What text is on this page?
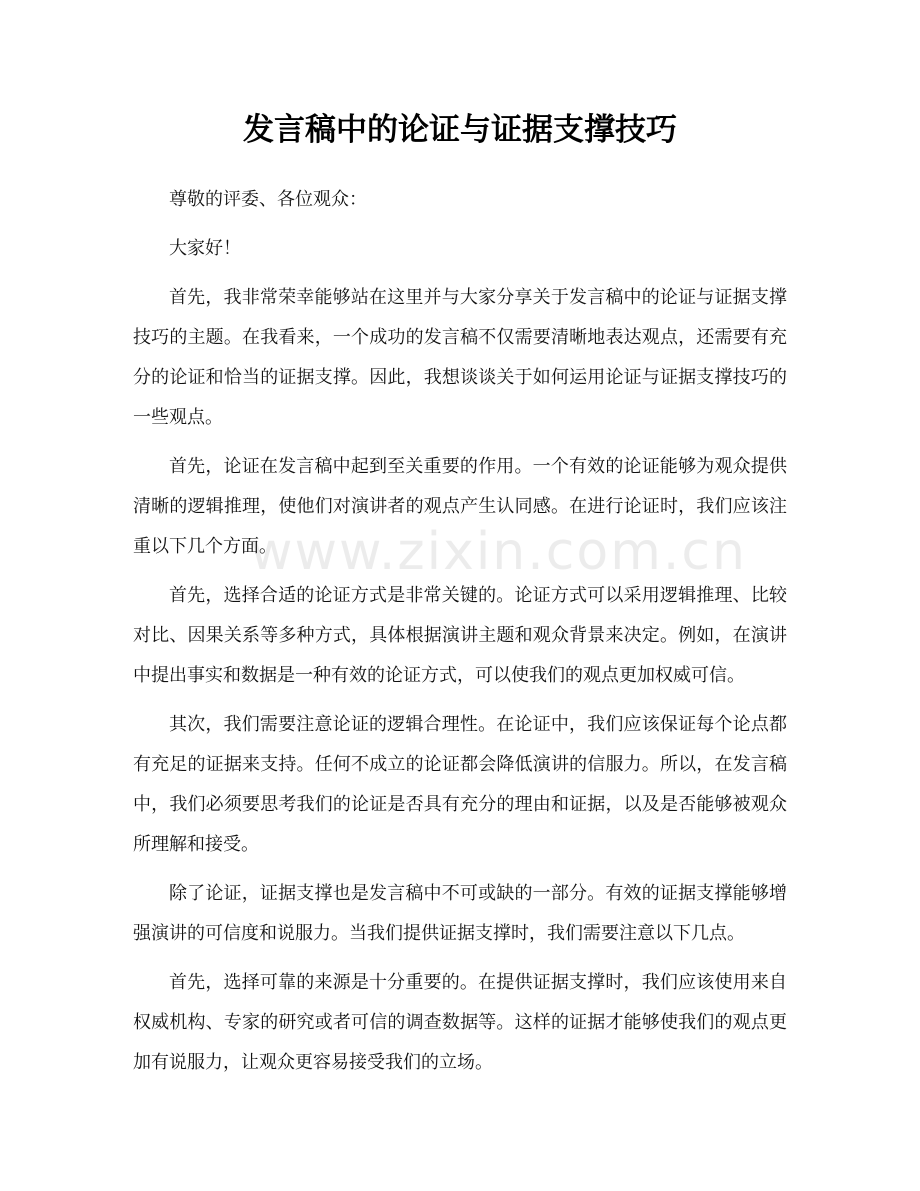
发言稿中的论证与证据支撑技巧
www.zixin.com.cn
尊敬的评委、各位观众：
大家好！
首先，我非常荣幸能够站在这里并与大家分享关于发言稿中的论证与证据支撑
技巧的主题。在我看来，一个成功的发言稿不仅需要清晰地表达观点，还需要有充
分的论证和恰当的证据支撑。因此，我想谈谈关于如何运用论证与证据支撑技巧的
一些观点。
首先，论证在发言稿中起到至关重要的作用。一个有效的论证能够为观众提供
清晰的逻辑推理，使他们对演讲者的观点产生认同感。在进行论证时，我们应该注
重以下几个方面。
首先，选择合适的论证方式是非常关键的。论证方式可以采用逻辑推理、比较
对比、因果关系等多种方式，具体根据演讲主题和观众背景来决定。例如，在演讲
中提出事实和数据是一种有效的论证方式，可以使我们的观点更加权威可信。
其次，我们需要注意论证的逻辑合理性。在论证中，我们应该保证每个论点都
有充足的证据来支持。任何不成立的论证都会降低演讲的信服力。所以，在发言稿
中，我们必须要思考我们的论证是否具有充分的理由和证据，以及是否能够被观众
所理解和接受。
除了论证，证据支撑也是发言稿中不可或缺的一部分。有效的证据支撑能够增
强演讲的可信度和说服力。当我们提供证据支撑时，我们需要注意以下几点。
首先，选择可靠的来源是十分重要的。在提供证据支撑时，我们应该使用来自
权威机构、专家的研究或者可信的调查数据等。这样的证据才能够使我们的观点更
加有说服力，让观众更容易接受我们的立场。
